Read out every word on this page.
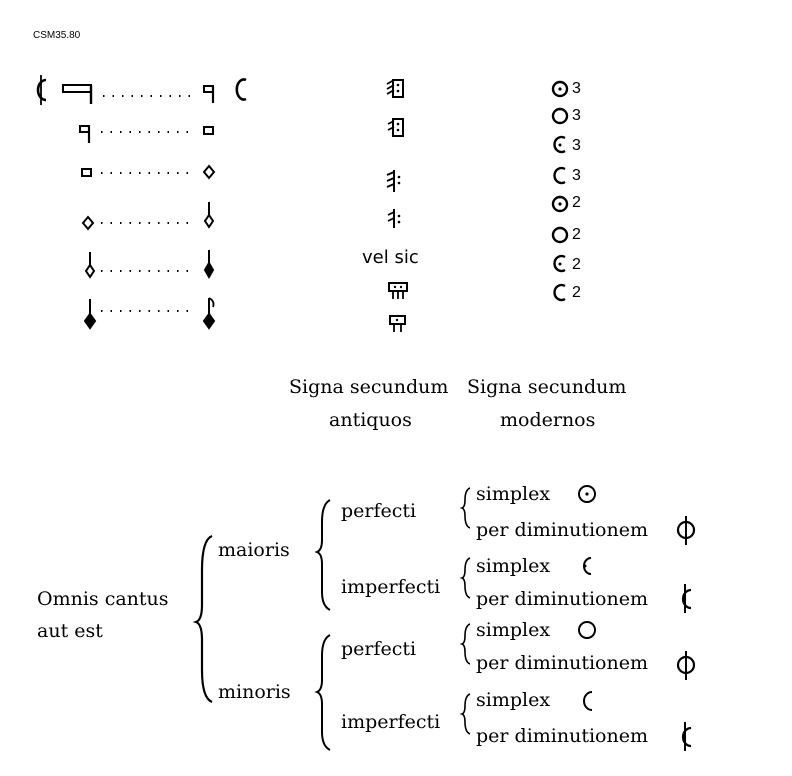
CSM35.80
vel sic
3
3
3
3
2
2
2
2
Signa secundum
antiquos
Signa secundum
modernos
Omnis cantus
aut est
maioris
minoris
perfecti
imperfecti
perfecti
imperfecti
simplex
per diminutionem
simplex
per diminutionem
simplex
per diminutionem
simplex
per diminutionem
